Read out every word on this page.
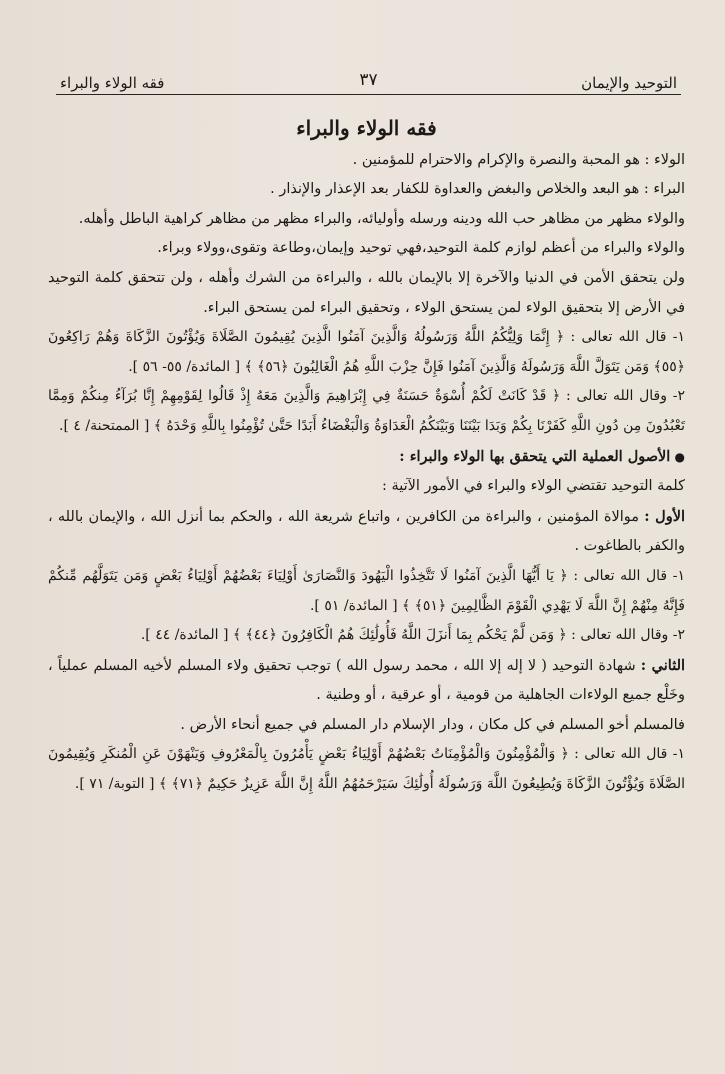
التوحيد والإيمان
٣٧
فقه الولاء والبراء
فقه الولاء والبراء

الولاء : هو المحبة والنصرة والإكرام والاحترام للمؤمنين .

البراء : هو البعد والخلاص والبغض والعداوة للكفار بعد الإعذار والإنذار .

والولاء مظهر من مظاهر حب الله ودينه ورسله وأوليائه، والبراء مظهر من مظاهر كراهية الباطل وأهله.

والولاء والبراء من أعظم لوازم كلمة التوحيد،فهي توحيد وإيمان،وطاعة وتقوى،وولاء وبراء.

ولن يتحقق الأمن في الدنيا والآخرة إلا بالإيمان بالله ، والبراءة من الشرك وأهله ، ولن تتحقق كلمة التوحيد في الأرض إلا بتحقيق الولاء لمن يستحق الولاء ، وتحقيق البراء لمن يستحق البراء.

١- قال الله تعالى : ﴿ إِنَّمَا وَلِيُّكُمُ اللَّهُ وَرَسُولُهُ وَالَّذِينَ آمَنُوا الَّذِينَ يُقِيمُونَ الصَّلَاةَ وَيُؤْتُونَ الزَّكَاةَ وَهُمْ رَاكِعُونَ ﴿٥٥﴾ وَمَن يَتَوَلَّ اللَّهَ وَرَسُولَهُ وَالَّذِينَ آمَنُوا فَإِنَّ حِزْبَ اللَّهِ هُمُ الْغَالِبُونَ ﴿٥٦﴾ ﴾ [ المائدة/ ٥٥- ٥٦ ].

٢- وقال الله تعالى : ﴿ قَدْ كَانَتْ لَكُمْ أُسْوَةٌ حَسَنَةٌ فِي إِبْرَاهِيمَ وَالَّذِينَ مَعَهُ إِذْ قَالُوا لِقَوْمِهِمْ إِنَّا بُرَآءُ مِنكُمْ وَمِمَّا تَعْبُدُونَ مِن دُونِ اللَّهِ كَفَرْنَا بِكُمْ وَبَدَا بَيْنَنَا وَبَيْنَكُمُ الْعَدَاوَةُ وَالْبَغْضَاءُ أَبَدًا حَتَّىٰ تُؤْمِنُوا بِاللَّهِ وَحْدَهُ ﴾ [ الممتحنة/ ٤ ].

● الأصول العملية التي يتحقق بها الولاء والبراء :

كلمة التوحيد تقتضي الولاء والبراء في الأمور الآتية :

الأول : موالاة المؤمنين ، والبراءة من الكافرين ، واتباع شريعة الله ، والحكم بما أنزل الله ، والإيمان بالله ، والكفر بالطاغوت .

١- قال الله تعالى : ﴿ يَا أَيُّهَا الَّذِينَ آمَنُوا لَا تَتَّخِذُوا الْيَهُودَ وَالنَّصَارَىٰ أَوْلِيَاءَ بَعْضُهُمْ أَوْلِيَاءُ بَعْضٍ وَمَن يَتَوَلَّهُم مِّنكُمْ فَإِنَّهُ مِنْهُمْ إِنَّ اللَّهَ لَا يَهْدِي الْقَوْمَ الظَّالِمِينَ ﴿٥١﴾ ﴾ [ المائدة/ ٥١ ].

٢- وقال الله تعالى : ﴿ وَمَن لَّمْ يَحْكُم بِمَا أَنزَلَ اللَّهُ فَأُولَٰئِكَ هُمُ الْكَافِرُونَ ﴿٤٤﴾ ﴾ [ المائدة/ ٤٤ ].

الثاني : شهادة التوحيد ( لا إله إلا الله ، محمد رسول الله ) توجب تحقيق ولاء المسلم لأخيه المسلم عملياً ، وخَلْع جميع الولاءات الجاهلية من قومية ، أو عرقية ، أو وطنية .

فالمسلم أخو المسلم في كل مكان ، ودار الإسلام دار المسلم في جميع أنحاء الأرض .

١- قال الله تعالى : ﴿ وَالْمُؤْمِنُونَ وَالْمُؤْمِنَاتُ بَعْضُهُمْ أَوْلِيَاءُ بَعْضٍ يَأْمُرُونَ بِالْمَعْرُوفِ وَيَنْهَوْنَ عَنِ الْمُنكَرِ وَيُقِيمُونَ الصَّلَاةَ وَيُؤْتُونَ الزَّكَاةَ وَيُطِيعُونَ اللَّهَ وَرَسُولَهُ أُولَٰئِكَ سَيَرْحَمُهُمُ اللَّهُ إِنَّ اللَّهَ عَزِيزٌ حَكِيمٌ ﴿٧١﴾ ﴾ [ التوبة/ ٧١ ].
